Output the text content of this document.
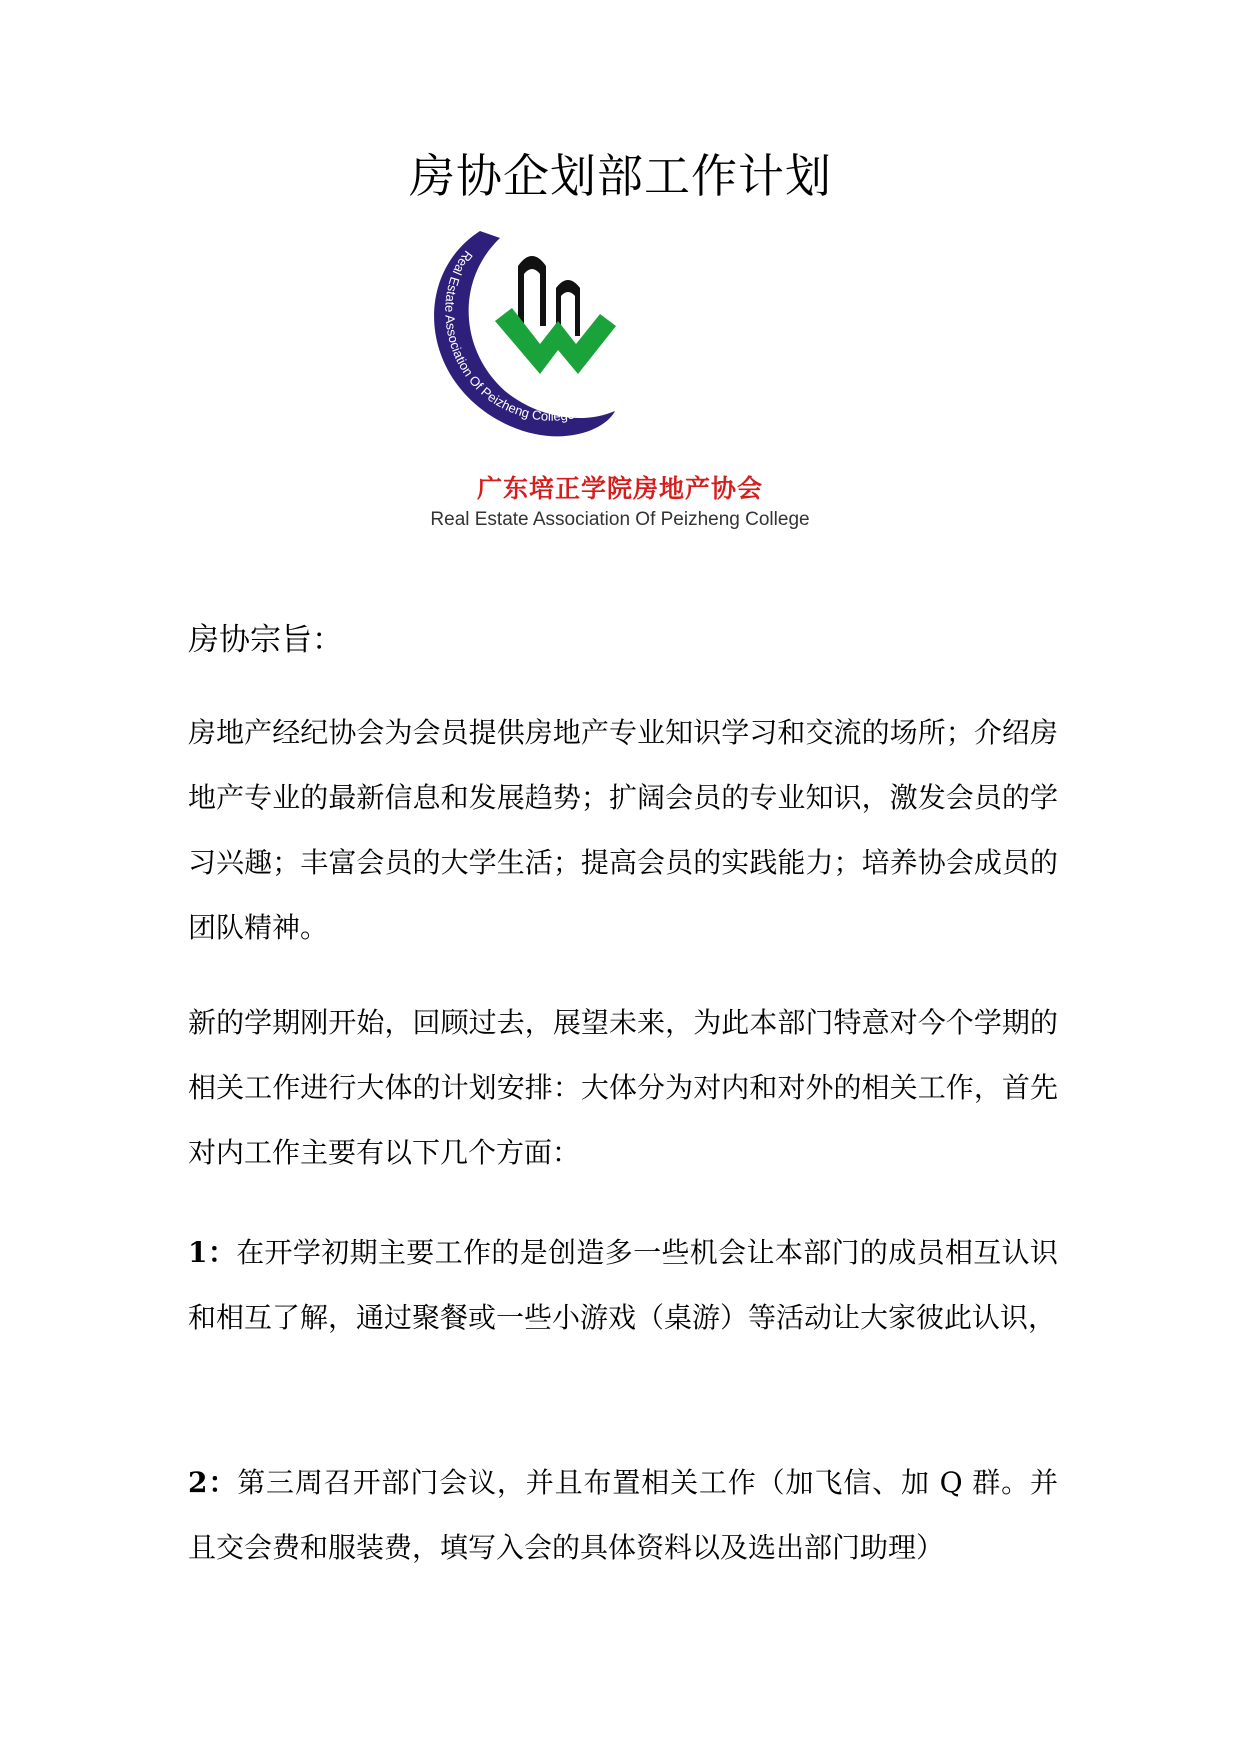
房协企划部工作计划
Real Estate Association Of Peizheng College
广东培正学院房地产协会
Real Estate Association Of Peizheng College
房协宗旨：

房地产经纪协会为会员提供房地产专业知识学习和交流的场所；介绍房地产专业的最新信息和发展趋势；扩阔会员的专业知识，激发会员的学习兴趣；丰富会员的大学生活；提高会员的实践能力；培养协会成员的团队精神。

新的学期刚开始，回顾过去，展望未来，为此本部门特意对今个学期的相关工作进行大体的计划安排：大体分为对内和对外的相关工作，首先对内工作主要有以下几个方面：

1：在开学初期主要工作的是创造多一些机会让本部门的成员相互认识和相互了解，通过聚餐或一些小游戏（桌游）等活动让大家彼此认识，

2：第三周召开部门会议，并且布置相关工作（加飞信、加 Q 群。并且交会费和服装费，填写入会的具体资料以及选出部门助理）
